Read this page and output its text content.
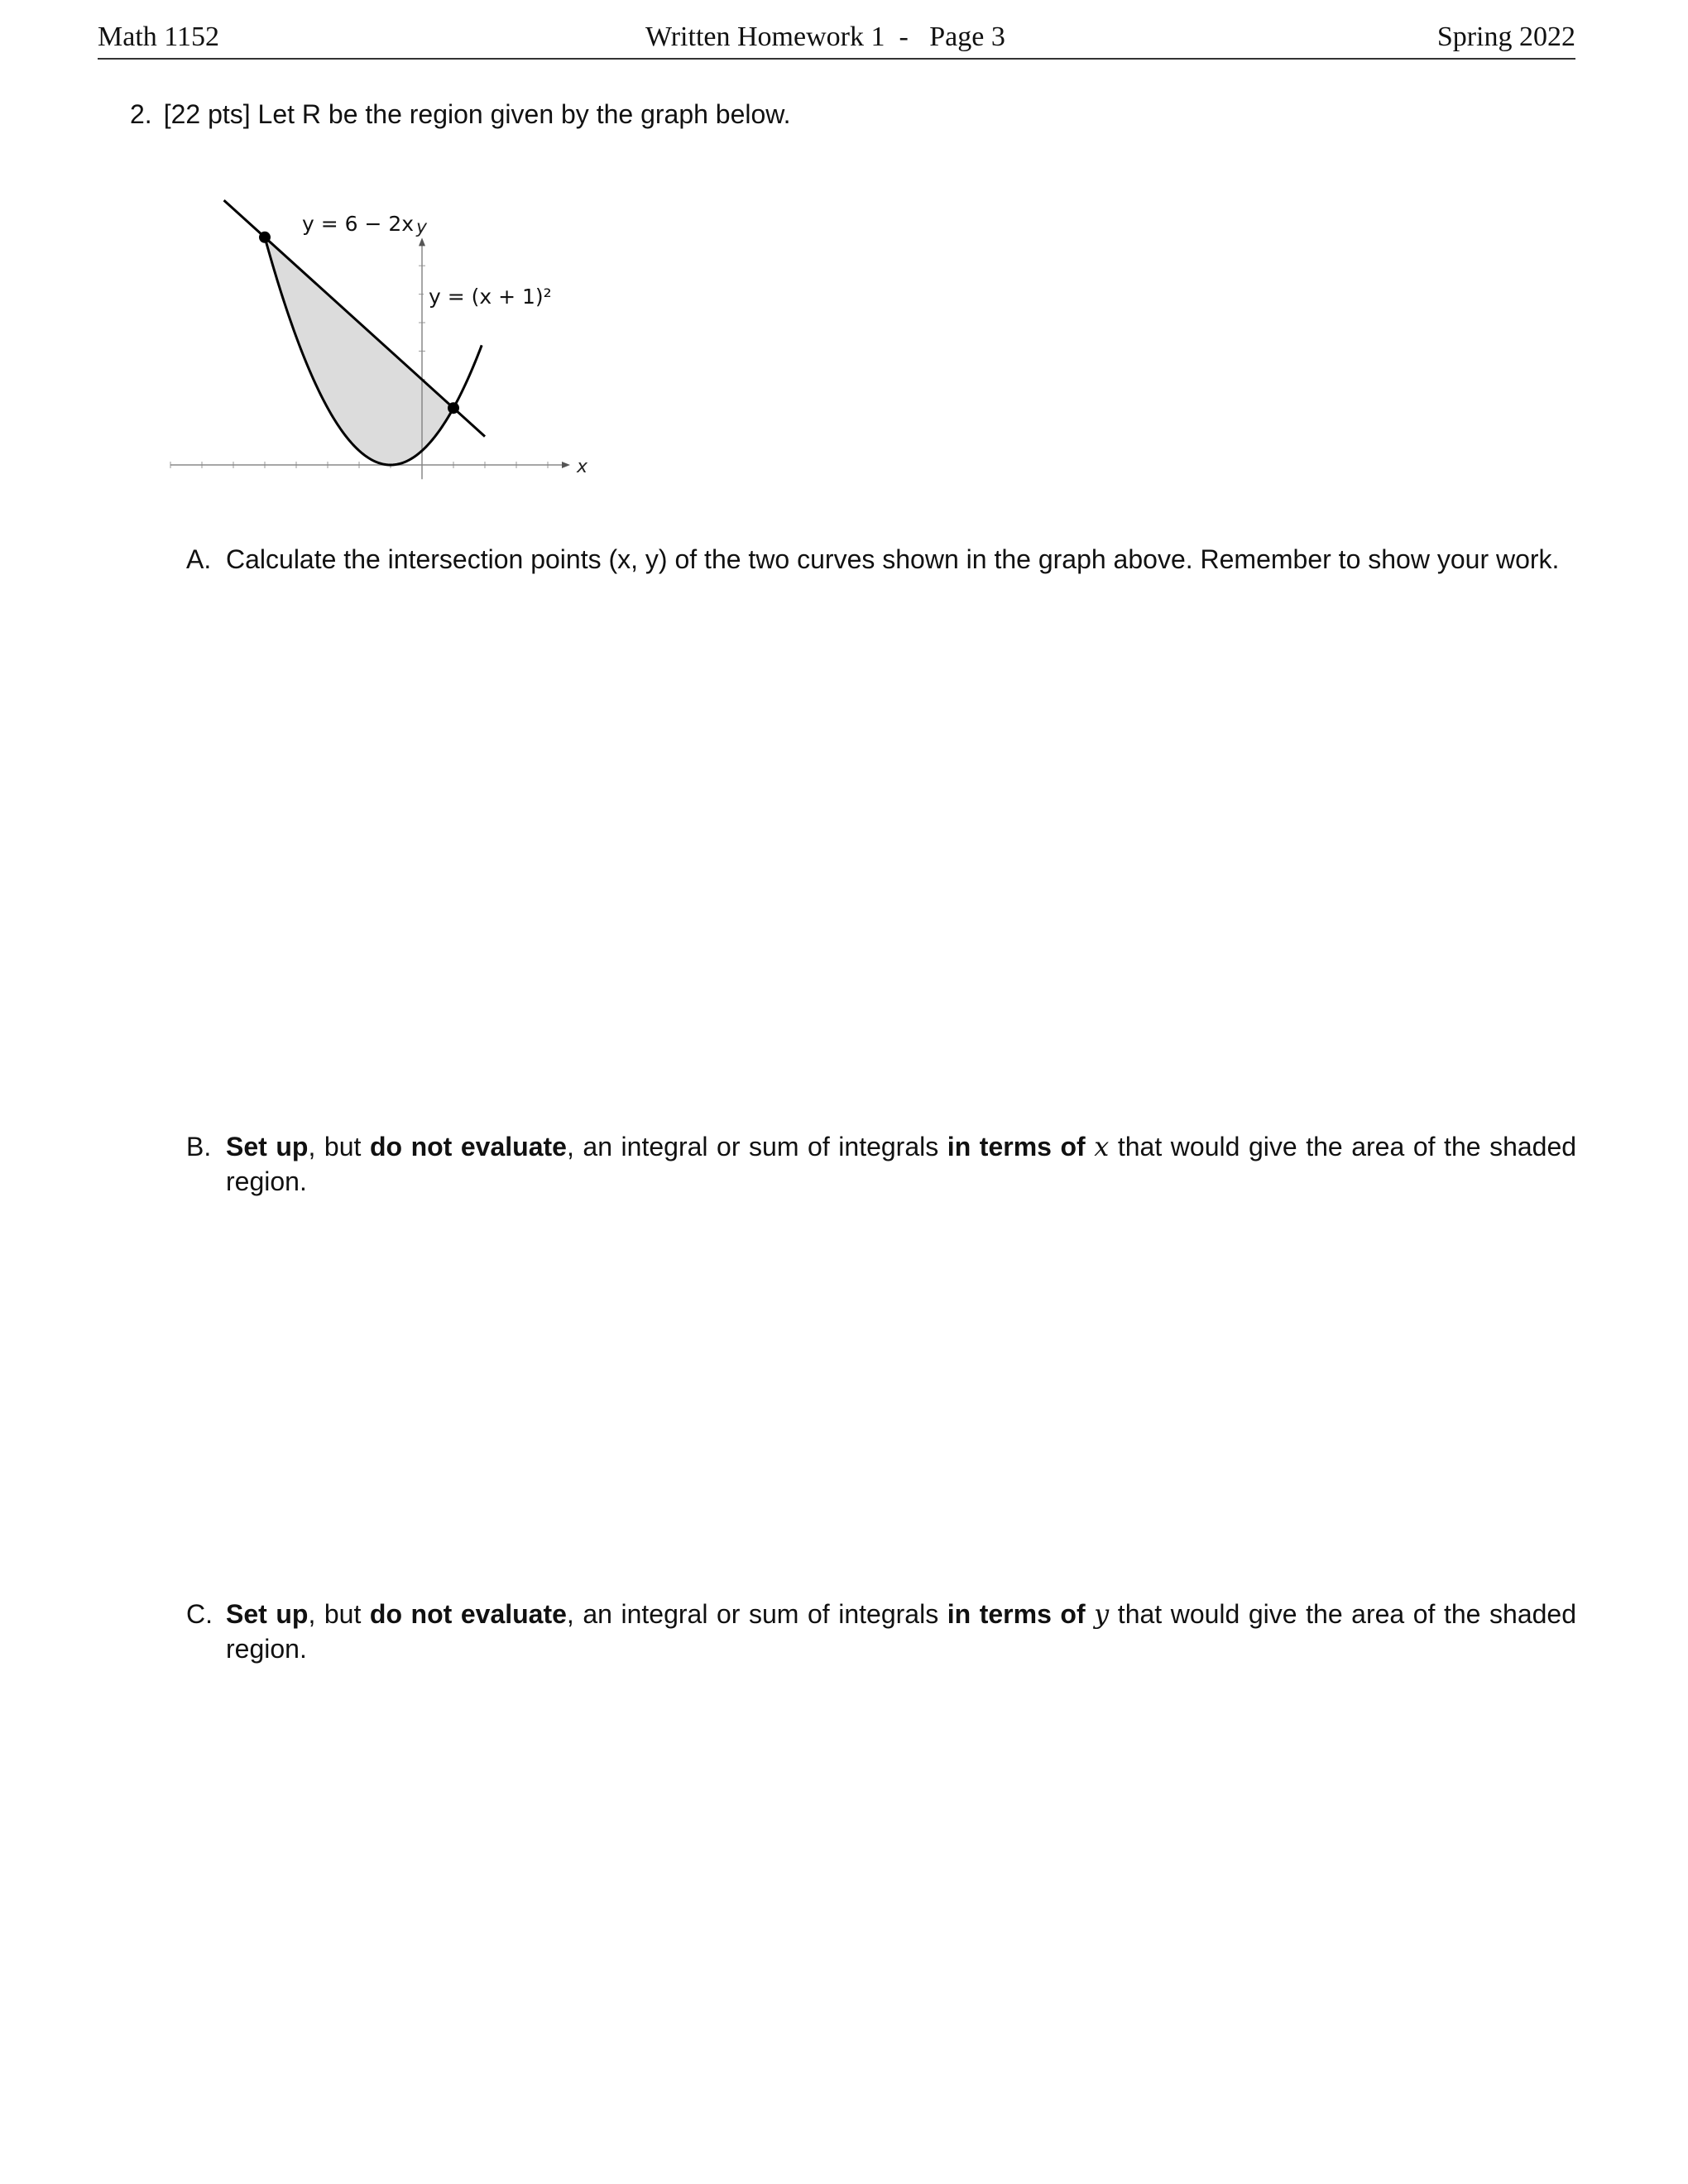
Math 1152	Written Homework 1  -   Page 3	Spring 2022
2. [22 pts] Let R be the region given by the graph below.
x
y
y = 6 − 2x
y = (x + 1)²
A. Calculate the intersection points (x, y) of the two curves shown in the graph above. Remember to show your work.
B. Set up, but do not evaluate, an integral or sum of integrals in terms of x that would give the area of the shaded
region.
C. Set up, but do not evaluate, an integral or sum of integrals in terms of y that would give the area of the shaded
region.
